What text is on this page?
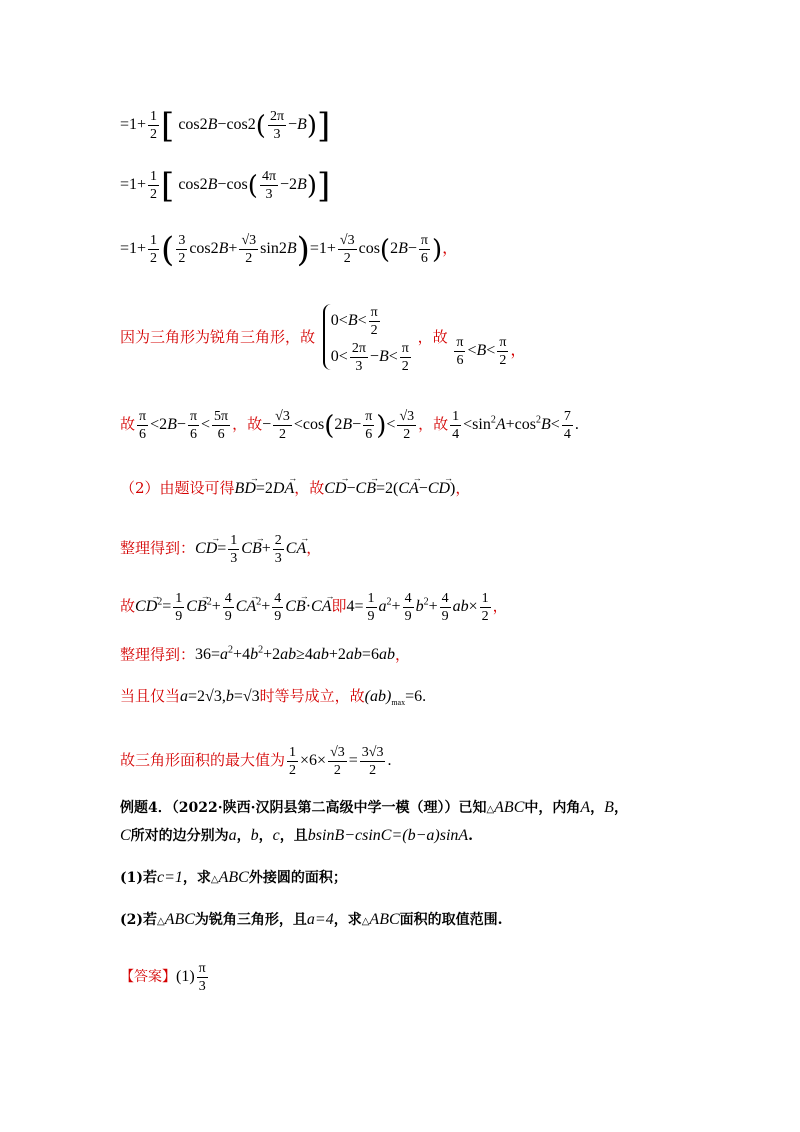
$=1+ \frac{1}{2}$ [ $\cos 2B-\cos 2( \frac{2\pi}{3} -B)$]
$=1+ \frac{1}{2}$ [ $\cos 2B-\cos( \frac{4\pi}{3} -2B)$]
$=1+ \frac{1}{2}$ ( $\frac{3}{2} \cos 2B+ \frac{√3}{2} \sin 2B)=1+ \frac{√3}{2} \cos(2B- \frac{\pi}{6}$ )，
因为三角形为锐角三角形，故
$0<B< \frac{\pi}{2}$
$0< \frac{2\pi}{3} -B< \frac{\pi}{2}$
，故 $\frac{\pi}{6} <B< \frac{\pi}{2}$ ，
故 $\frac{\pi}{6} <2B- \frac{\pi}{6} < \frac{5\pi}{6}$ ，故− $\frac{√3}{2} <\cos(2B- \frac{\pi}{6}$ )< $\frac{√3}{2}$ ，故 $\frac{1}{4} <\sin^2A+\cos^2B< \frac{7}{4}$ .
（2）由题设可得BD →=2DA →，故CD →−CB →=2(CA →−CD →)，
整理得到：CD →= $\frac{1}{3}$ CB →+ $\frac{2}{3}$ CA →，
故CD $\to^2= \frac{1}{9}$ CB $\to^2+ \frac{4}{9}$ CA $\to^2+ \frac{4}{9}$ CB →·CA →即$4= \frac{1}{9} a^2+ \frac{4}{9} b^2+ \frac{4}{9} ab\times \frac{1}{2}$ ，
整理得到：$36=a^2+4b^2+2ab\ge 4ab+2ab=6ab$，
当且仅当a=2√3,b=√3时等号成立，故$(ab)_{max}=6$.
故三角形面积的最大值为 $\frac{1}{2} \times 6\times \frac{√3}{2} = \frac{3√3}{2}$ .
例题4．（2022·陕西·汉阴县第二高级中学一模（理））已知△ABC中，内角A，B，
C所对的边分别为a，b，c，且bsinB−csinC=(b−a)sinA.
(1)若c=1，求△ABC外接圆的面积；
(2)若△ABC为锐角三角形，且a=4，求△ABC面积的取值范围.
【答案】$(1) \frac{\pi}{3}$
